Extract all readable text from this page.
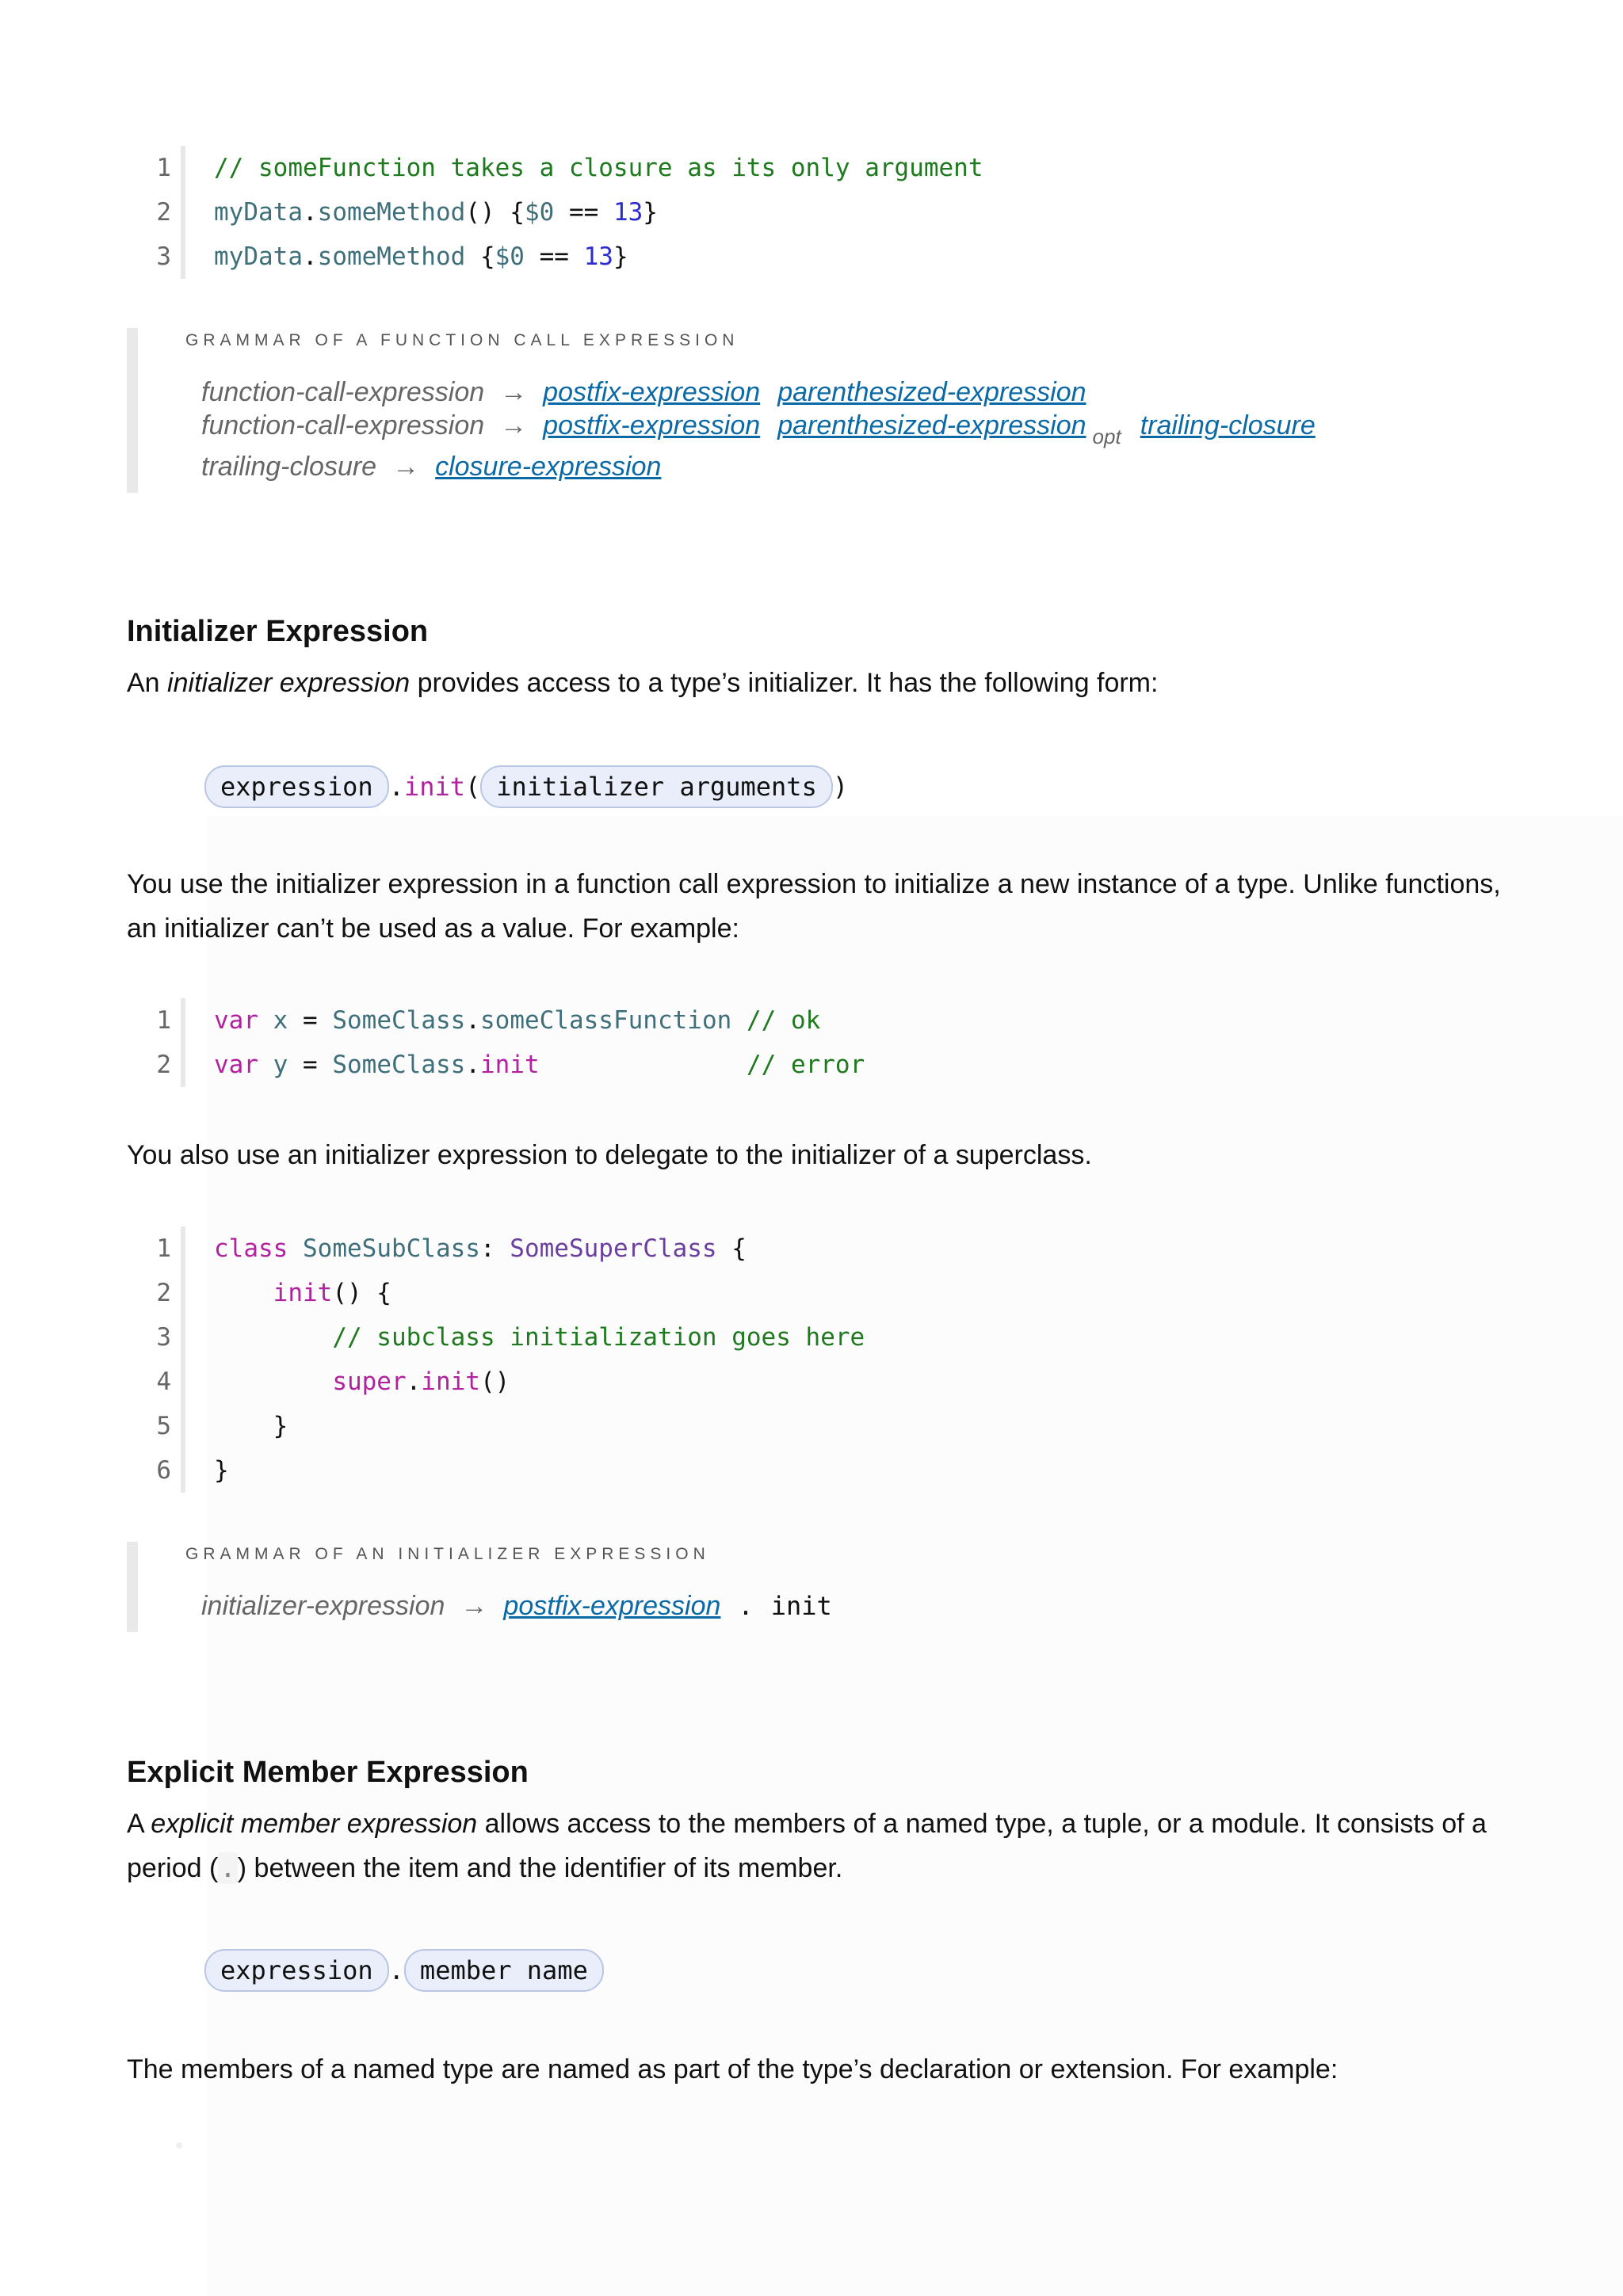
1 // someFunction takes a closure as its only argument
2 myData.someMethod() {$0 == 13}
3 myData.someMethod {$0 == 13}
GRAMMAR OF A FUNCTION CALL EXPRESSION
function-call-expression → postfix-expression parenthesized-expression
function-call-expression → postfix-expression parenthesized-expression $_{opt}$ trailing-closure
trailing-closure → closure-expression
Initializer Expression
An initializer expression provides access to a type’s initializer. It has the following form:
expression . init ( initializer arguments )
You use the initializer expression in a function call expression to initialize a new instance of a type. Unlike functions, an initializer can’t be used as a value. For example:
1 var x = SomeClass.someClassFunction // ok
2 var y = SomeClass.init	// error
You also use an initializer expression to delegate to the initializer of a superclass.
1 class SomeSubClass: SomeSuperClass {
2	init() {
3	// subclass initialization goes here
4	super.init()
5 }
6 }
GRAMMAR OF AN INITIALIZER EXPRESSION
initializer-expression → postfix-expression . init
Explicit Member Expression
A explicit member expression allows access to the members of a named type, a tuple, or a module. It consists of a period (.) between the item and the identifier of its member.
expression . member name
The members of a named type are named as part of the type’s declaration or extension. For example:
